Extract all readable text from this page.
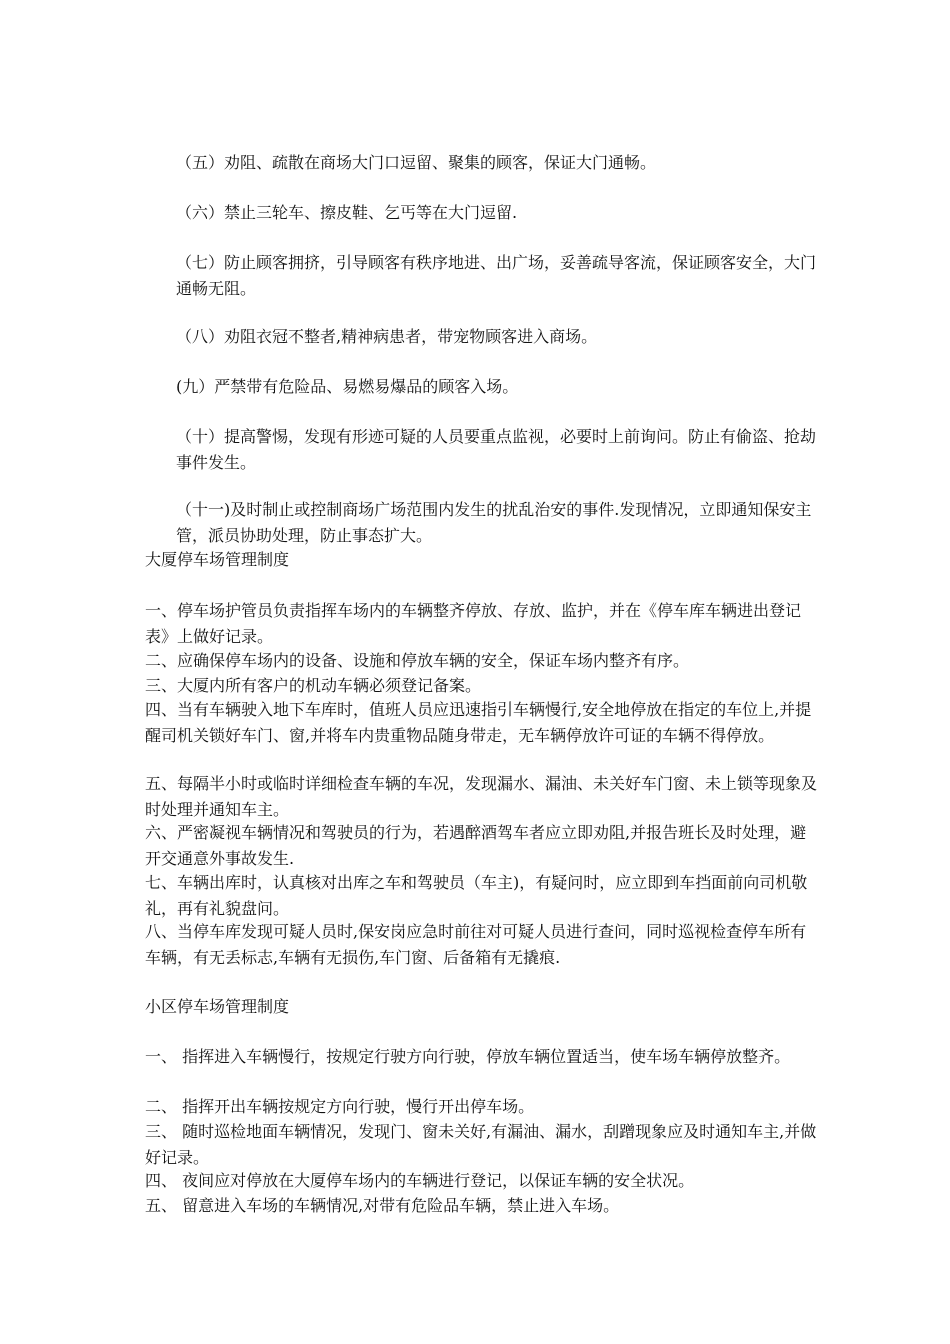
（五）劝阻、疏散在商场大门口逗留、聚集的顾客，保证大门通畅。
（六）禁止三轮车、擦皮鞋、乞丐等在大门逗留.
（七）防止顾客拥挤，引导顾客有秩序地进、出广场，妥善疏导客流，保证顾客安全，大门通畅无阻。
（八）劝阻衣冠不整者,精神病患者，带宠物顾客进入商场。
(九）严禁带有危险品、易燃易爆品的顾客入场。
（十）提高警惕，发现有形迹可疑的人员要重点监视，必要时上前询问。防止有偷盗、抢劫事件发生。
（十一)及时制止或控制商场广场范围内发生的扰乱治安的事件.发现情况，立即通知保安主管，派员协助处理，防止事态扩大。
大厦停车场管理制度
一、停车场护管员负责指挥车场内的车辆整齐停放、存放、监护，并在《停车库车辆进出登记表》上做好记录。
二、应确保停车场内的设备、设施和停放车辆的安全，保证车场内整齐有序。
三、大厦内所有客户的机动车辆必须登记备案。
四、当有车辆驶入地下车库时，值班人员应迅速指引车辆慢行,安全地停放在指定的车位上,并提醒司机关锁好车门、窗,并将车内贵重物品随身带走，无车辆停放许可证的车辆不得停放。
五、每隔半小时或临时详细检查车辆的车况，发现漏水、漏油、未关好车门窗、未上锁等现象及时处理并通知车主。
六、严密凝视车辆情况和驾驶员的行为，若遇醉酒驾车者应立即劝阻,并报告班长及时处理，避开交通意外事故发生.
七、车辆出库时，认真核对出库之车和驾驶员（车主)，有疑问时，应立即到车挡面前向司机敬礼，再有礼貌盘问。
八、当停车库发现可疑人员时,保安岗应急时前往对可疑人员进行查问，同时巡视检查停车所有车辆，有无丢标志,车辆有无损伤,车门窗、后备箱有无撬痕.
小区停车场管理制度
一、 指挥进入车辆慢行，按规定行驶方向行驶，停放车辆位置适当，使车场车辆停放整齐。
二、 指挥开出车辆按规定方向行驶，慢行开出停车场。
三、 随时巡检地面车辆情况，发现门、窗未关好,有漏油、漏水，刮蹭现象应及时通知车主,并做好记录。
四、 夜间应对停放在大厦停车场内的车辆进行登记，以保证车辆的安全状况。
五、 留意进入车场的车辆情况,对带有危险品车辆，禁止进入车场。
